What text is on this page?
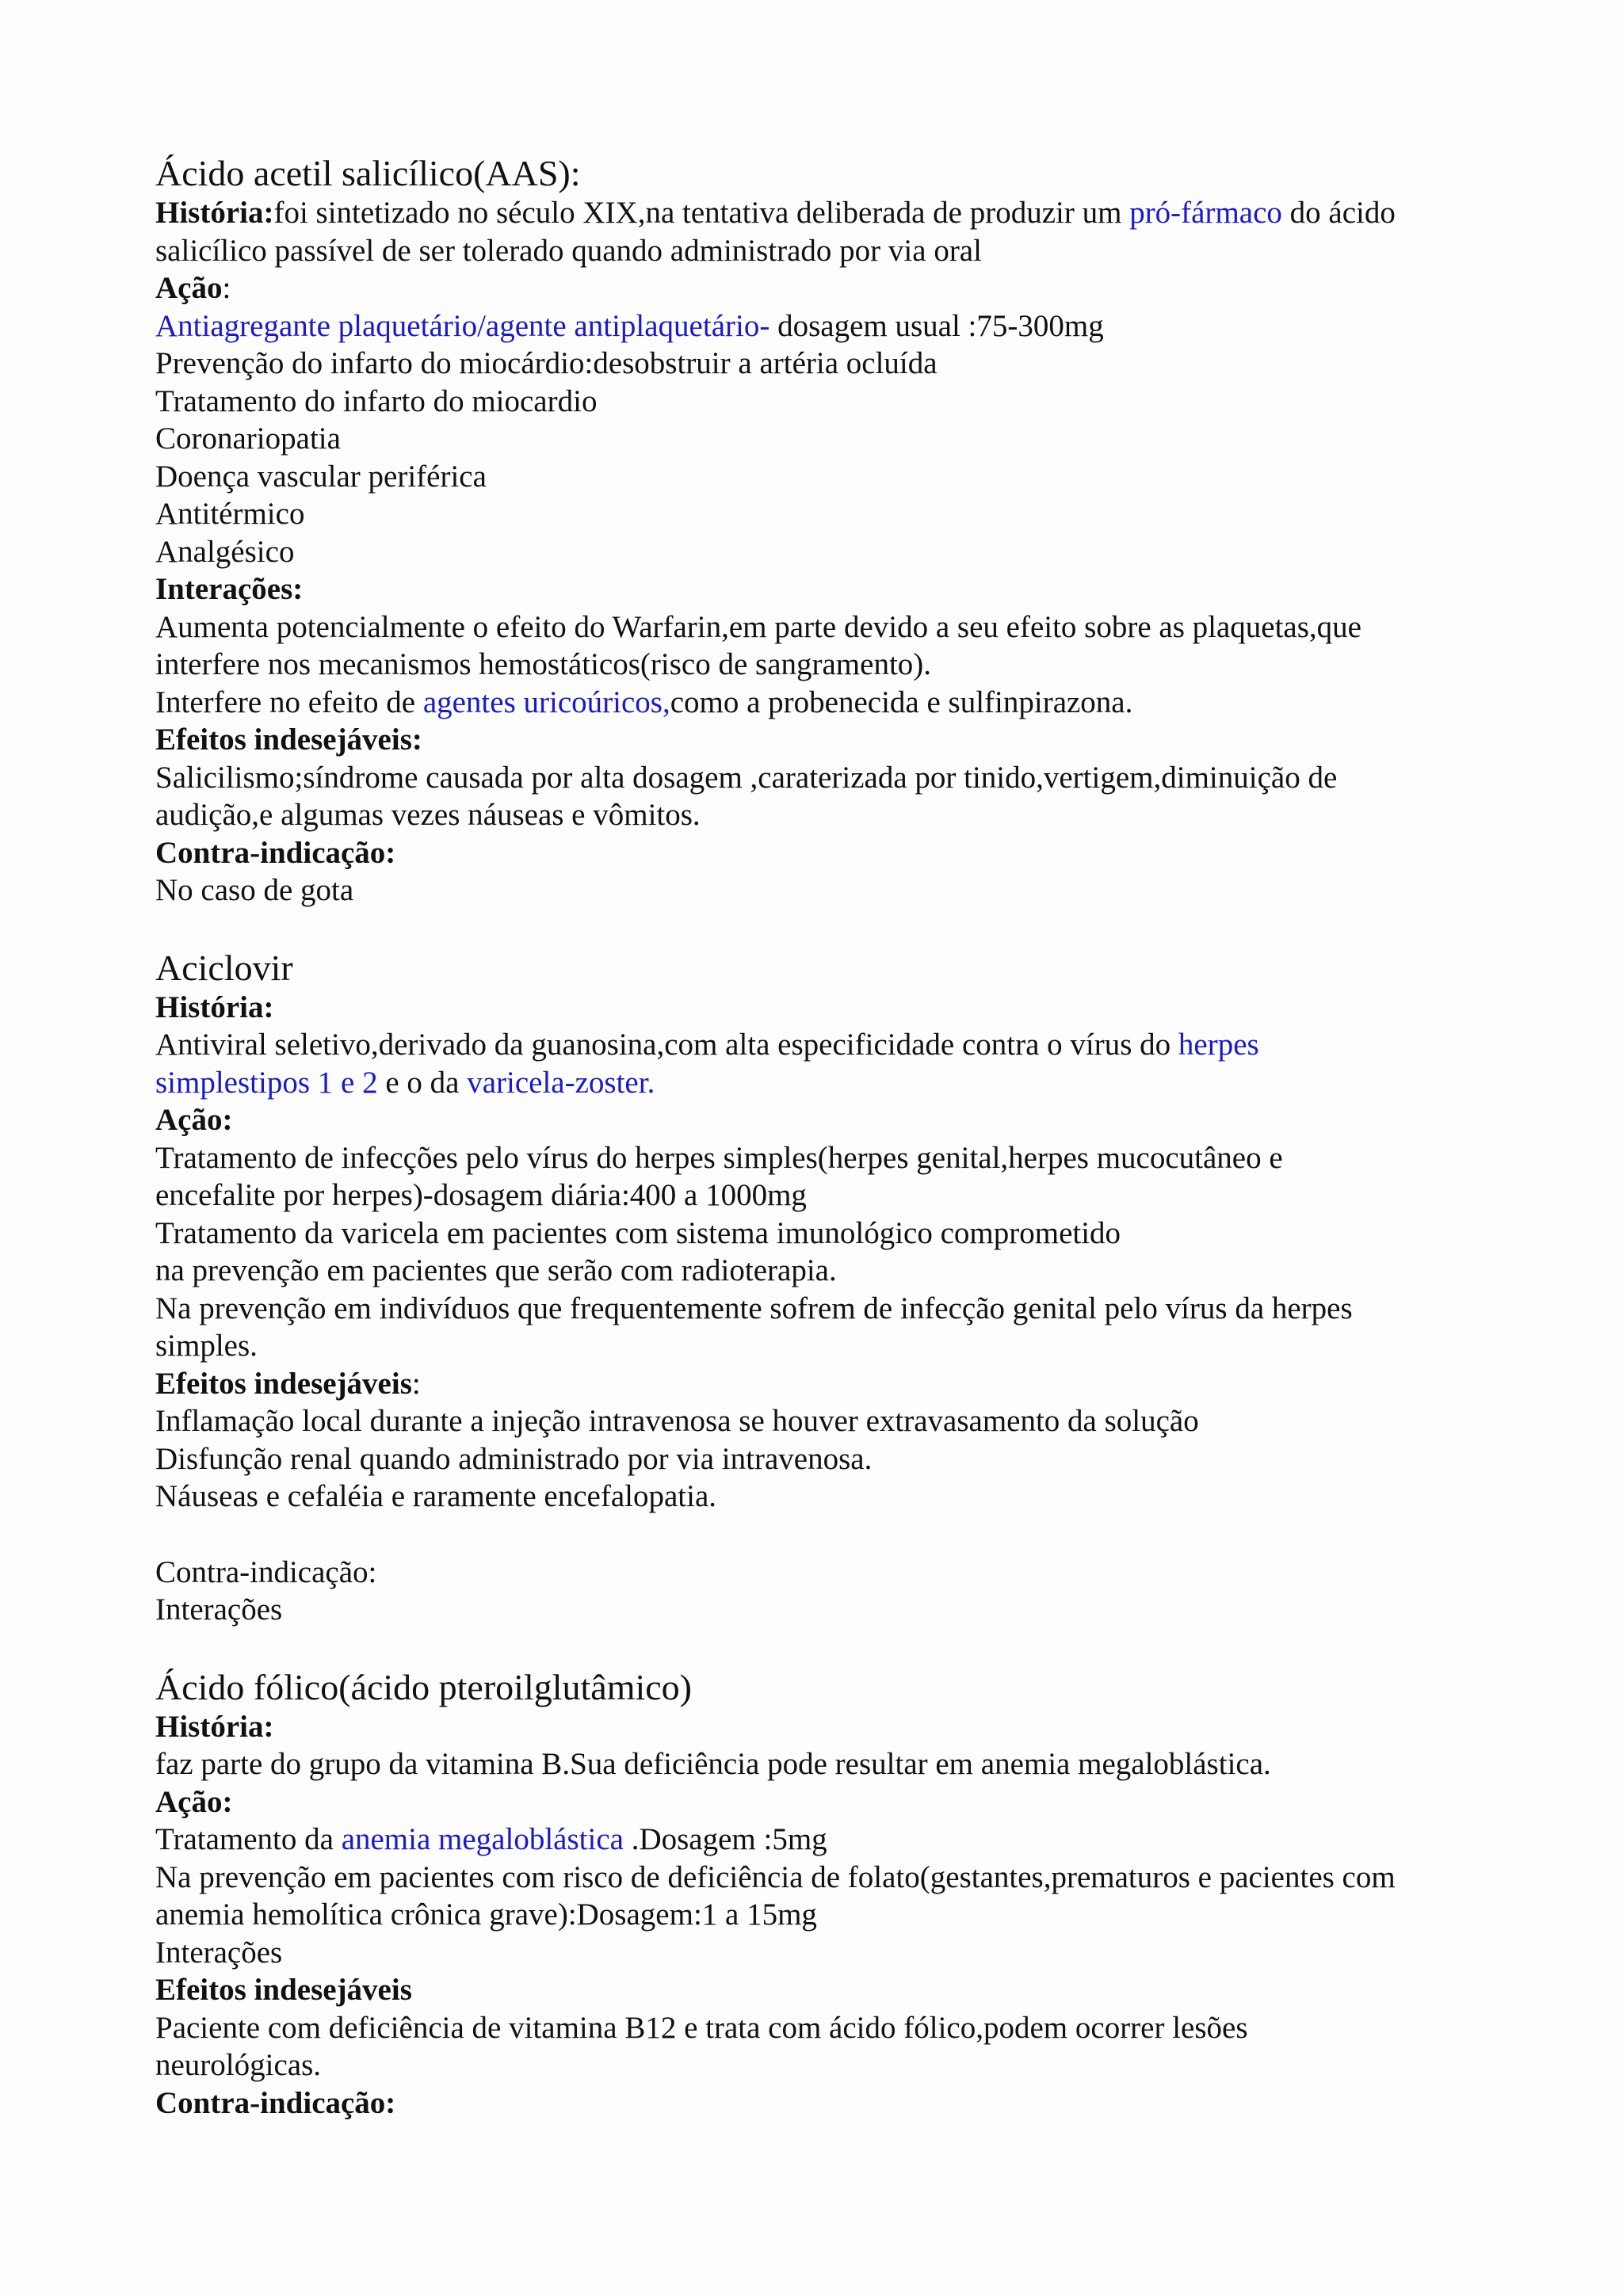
Ácido acetil salicílico(AAS):
História:foi sintetizado no século XIX,na tentativa deliberada de produzir um pró-fármaco do ácido
salicílico passível de ser tolerado quando administrado por via oral
Ação:
Antiagregante plaquetário/agente antiplaquetário- dosagem usual :75-300mg
Prevenção do infarto do miocárdio:desobstruir a artéria ocluída
Tratamento do infarto do miocardio
Coronariopatia
Doença vascular periférica
Antitérmico
Analgésico
Interações:
Aumenta potencialmente o efeito do Warfarin,em parte devido a seu efeito sobre as plaquetas,que
interfere nos mecanismos hemostáticos(risco de sangramento).
Interfere no efeito de agentes uricoúricos,como a probenecida e sulfinpirazona.
Efeitos indesejáveis:
Salicilismo;síndrome causada por alta dosagem ,caraterizada por tinido,vertigem,diminuição de
audição,e algumas vezes náuseas e vômitos.
Contra-indicação:
No caso de gota
Aciclovir
História:
Antiviral seletivo,derivado da guanosina,com alta especificidade contra o vírus do herpes
simplestipos 1 e 2 e o da varicela-zoster.
Ação:
Tratamento de infecções pelo vírus do herpes simples(herpes genital,herpes mucocutâneo e
encefalite por herpes)-dosagem diária:400 a 1000mg
Tratamento da varicela em pacientes com sistema imunológico comprometido
na prevenção em pacientes que serão com radioterapia.
Na prevenção em indivíduos que frequentemente sofrem de infecção genital pelo vírus da herpes
simples.
Efeitos indesejáveis:
Inflamação local durante a injeção intravenosa se houver extravasamento da solução
Disfunção renal quando administrado por via intravenosa.
Náuseas e cefaléia e raramente encefalopatia.
Contra-indicação:
Interações
Ácido fólico(ácido pteroilglutâmico)
História:
faz parte do grupo da vitamina B.Sua deficiência pode resultar em anemia megaloblástica.
Ação:
Tratamento da anemia megaloblástica .Dosagem :5mg
Na prevenção em pacientes com risco de deficiência de folato(gestantes,prematuros e pacientes com
anemia hemolítica crônica grave):Dosagem:1 a 15mg
Interações
Efeitos indesejáveis
Paciente com deficiência de vitamina B12 e trata com ácido fólico,podem ocorrer lesões
neurológicas.
Contra-indicação:
